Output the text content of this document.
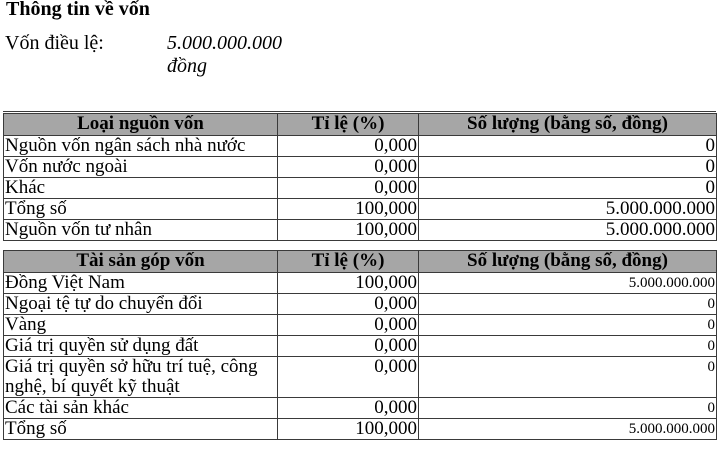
Thông tin về vốn
Vốn điều lệ:	5.000.000.000 đồng
Loại nguồn vốn	Tỉ lệ (%)	Số lượng (bằng số, đồng)
Nguồn vốn ngân sách nhà nước	0,000	0
Vốn nước ngoài	0,000	0
Khác	0,000	0
Tổng số	100,000	5.000.000.000
Nguồn vốn tư nhân	100,000	5.000.000.000
Tài sản góp vốn	Tỉ lệ (%)	Số lượng (bằng số, đồng)
Đồng Việt Nam	100,000	5.000.000.000
Ngoại tệ tự do chuyển đổi	0,000	0
Vàng	0,000	0
Giá trị quyền sử dụng đất	0,000	0
Giá trị quyền sở hữu trí tuệ, công nghệ, bí quyết kỹ thuật	0,000	0
Các tài sản khác	0,000	0
Tổng số	100,000	5.000.000.000
